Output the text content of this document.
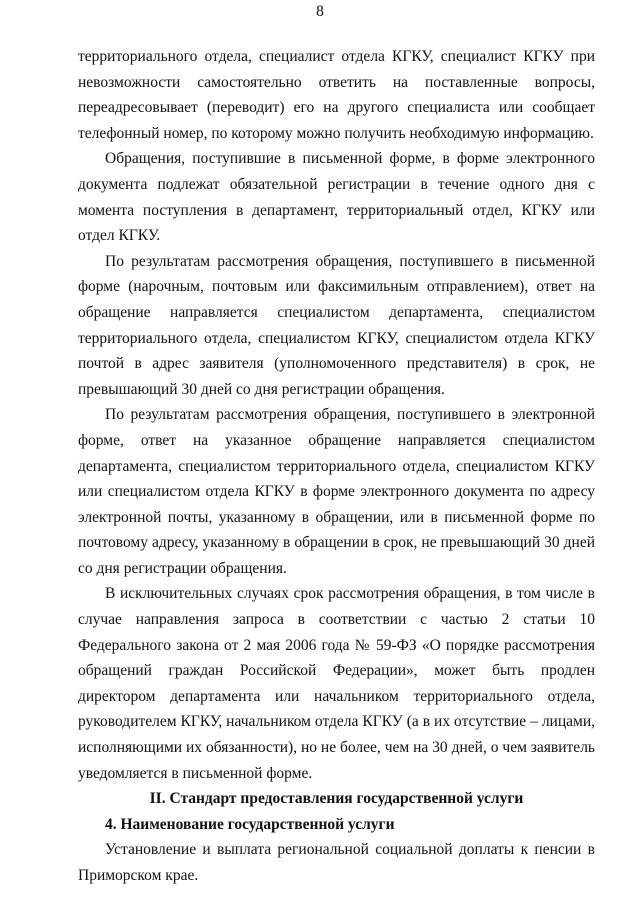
8

территориального отдела, специалист отдела КГКУ, специалист КГКУ при невозможности самостоятельно ответить на поставленные вопросы, переадресовывает (переводит) его на другого специалиста или сообщает телефонный номер, по которому можно получить необходимую информацию.

Обращения, поступившие в письменной форме, в форме электронного документа подлежат обязательной регистрации в течение одного дня с момента поступления в департамент, территориальный отдел, КГКУ или отдел КГКУ.

По результатам рассмотрения обращения, поступившего в письменной форме (нарочным, почтовым или факсимильным отправлением), ответ на обращение направляется специалистом департамента, специалистом территориального отдела, специалистом КГКУ, специалистом отдела КГКУ почтой в адрес заявителя (уполномоченного представителя) в срок, не превышающий 30 дней со дня регистрации обращения.

По результатам рассмотрения обращения, поступившего в электронной форме, ответ на указанное обращение направляется специалистом департамента, специалистом территориального отдела, специалистом КГКУ или специалистом отдела КГКУ в форме электронного документа по адресу электронной почты, указанному в обращении, или в письменной форме по почтовому адресу, указанному в обращении в срок, не превышающий 30 дней со дня регистрации обращения.

В исключительных случаях срок рассмотрения обращения, в том числе в случае направления запроса в соответствии с частью 2 статьи 10 Федерального закона от 2 мая 2006 года № 59-ФЗ «О порядке рассмотрения обращений граждан Российской Федерации», может быть продлен директором департамента или начальником территориального отдела, руководителем КГКУ, начальником отдела КГКУ (а в их отсутствие – лицами, исполняющими их обязанности), но не более, чем на 30 дней, о чем заявитель уведомляется в письменной форме.

II. Стандарт предоставления государственной услуги

4. Наименование государственной услуги

Установление и выплата региональной социальной доплаты к пенсии в Приморском крае.
